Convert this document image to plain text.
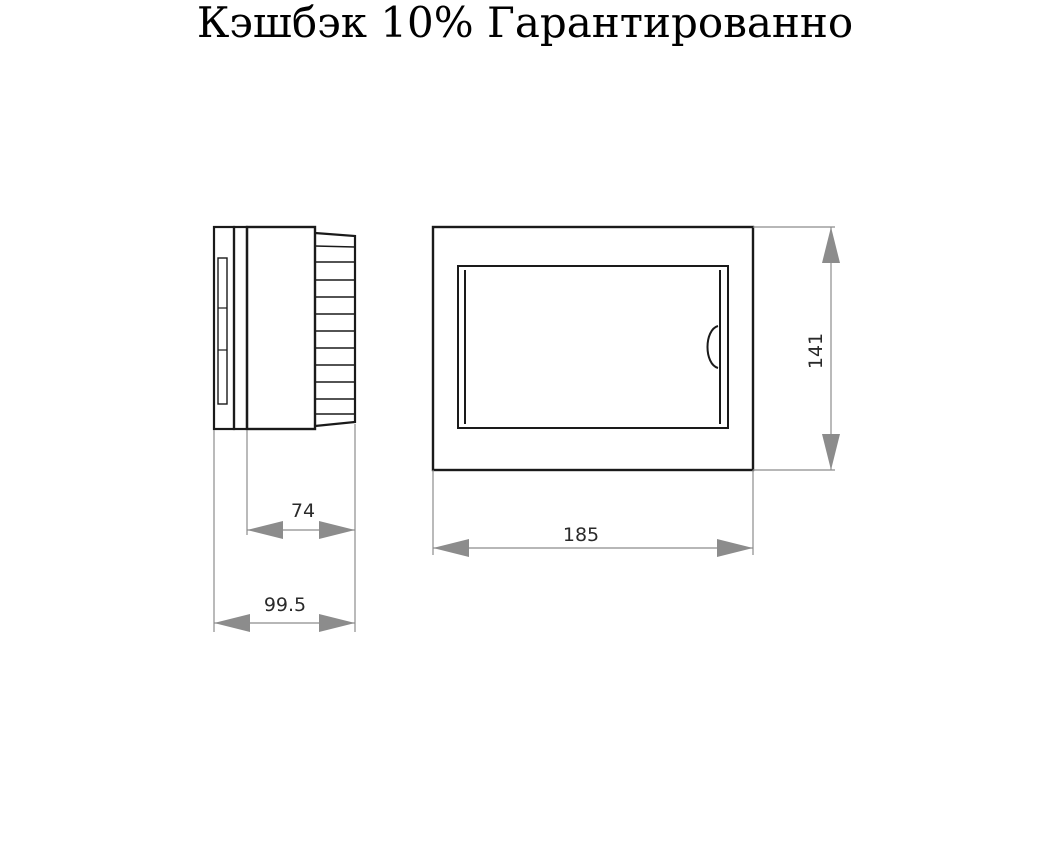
Кэшбэк 10% Гарантированно
74
99.5
185
141
